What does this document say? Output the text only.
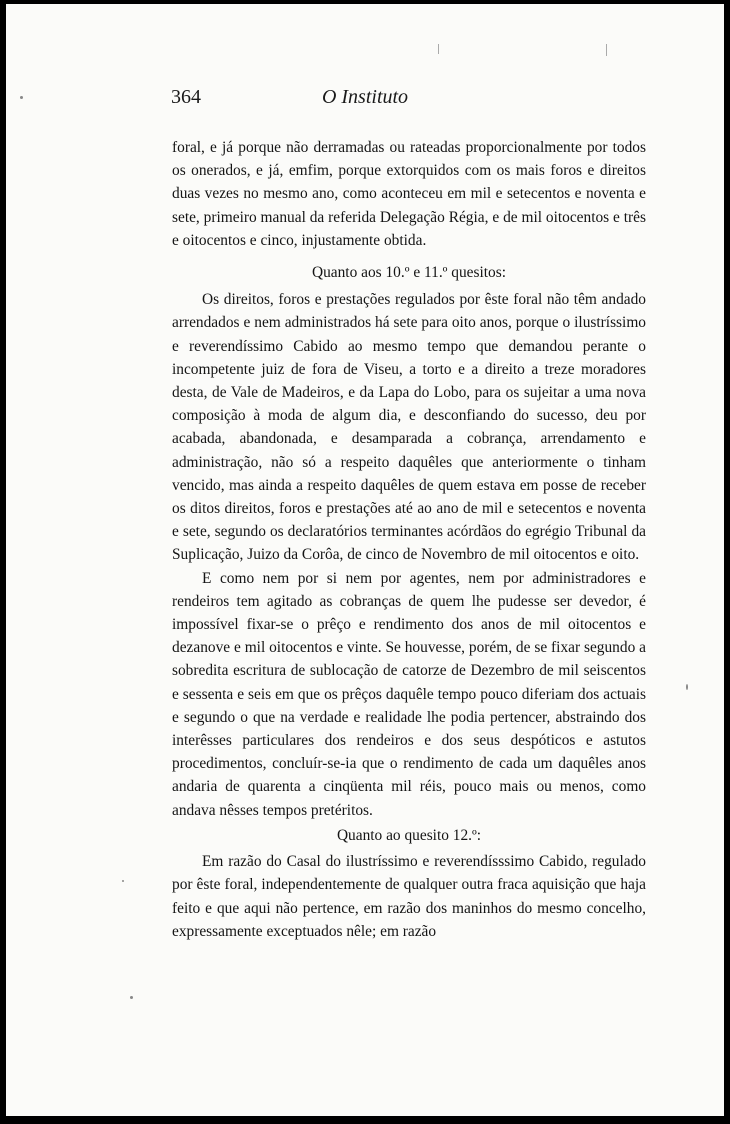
364	O Instituto

foral, e já porque não derramadas ou rateadas proporcionalmente por todos os onerados, e já, emfim, porque extorquidos com os mais foros e direitos duas vezes no mesmo ano, como aconteceu em mil e setecentos e noventa e sete, primeiro manual da referida Delegação Régia, e de mil oitocentos e três e oitocentos e cinco, injustamente obtida.

Quanto aos 10.º e 11.º quesitos:

Os direitos, foros e prestações regulados por êste foral não têm andado arrendados e nem administrados há sete para oito anos, porque o ilustríssimo e reverendíssimo Cabido ao mesmo tempo que demandou perante o incompetente juiz de fora de Viseu, a torto e a direito a treze moradores desta, de Vale de Madeiros, e da Lapa do Lobo, para os sujeitar a uma nova composição à moda de algum dia, e desconfiando do sucesso, deu por acabada, abandonada, e desamparada a cobrança, arrendamento e administração, não só a respeito daquêles que anteriormente o tinham vencido, mas ainda a respeito daquêles de quem estava em posse de receber os ditos direitos, foros e prestações até ao ano de mil e setecentos e noventa e sete, segundo os declaratórios terminantes acórdãos do egrégio Tribunal da Suplicação, Juizo da Corôa, de cinco de Novembro de mil oitocentos e oito.

E como nem por si nem por agentes, nem por administradores e rendeiros tem agitado as cobranças de quem lhe pudesse ser devedor, é impossível fixar-se o prêço e rendimento dos anos de mil oitocentos e dezanove e mil oitocentos e vinte. Se houvesse, porém, de se fixar segundo a sobredita escritura de sublocação de catorze de Dezembro de mil seiscentos e sessenta e seis em que os prêços daquêle tempo pouco diferiam dos actuais e segundo o que na verdade e realidade lhe podia pertencer, abstraindo dos interêsses particulares dos rendeiros e dos seus despóticos e astutos procedimentos, concluír-se-ia que o rendimento de cada um daquêles anos andaria de quarenta a cinqüenta mil réis, pouco mais ou menos, como andava nêsses tempos pretéritos.

Quanto ao quesito 12.º:

Em razão do Casal do ilustríssimo e reverendísssimo Cabido, regulado por êste foral, independentemente de qualquer outra fraca aquisição que haja feito e que aqui não pertence, em razão dos maninhos do mesmo concelho, expressamente exceptuados nêle; em razão
